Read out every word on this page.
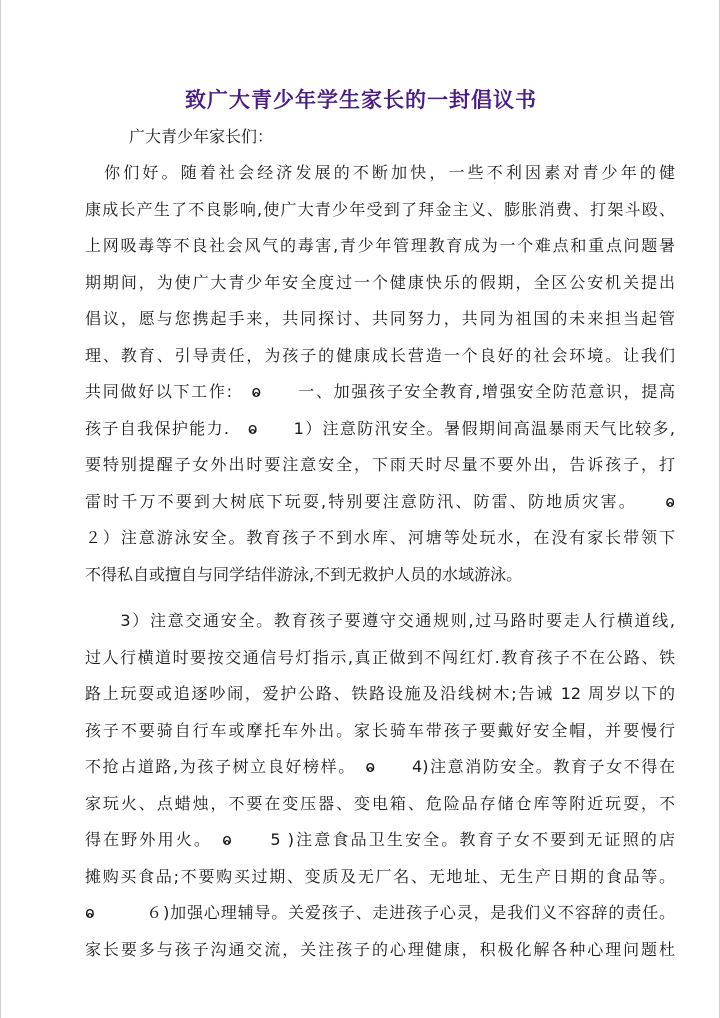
致广大青少年学生家长的一封倡议书
广大青少年家长们：
　你们好。随着社会经济发展的不断加快，一些不利因素对青少年的健
康成长产生了不良影响,使广大青少年受到了拜金主义、膨胀消费、打架斗殴、
上网吸毒等不良社会风气的毒害,青少年管理教育成为一个难点和重点问题暑
期期间，为使广大青少年安全度过一个健康快乐的假期，全区公安机关提出
倡议，愿与您携起手来，共同探讨、共同努力，共同为祖国的未来担当起管
理、教育、引导责任，为孩子的健康成长营造一个良好的社会环境。让我们
共同做好以下工作:　ⱺ　　一、加强孩子安全教育,增强安全防范意识，提高
孩子自我保护能力.　ⱺ　　1）注意防汛安全。暑假期间高温暴雨天气比较多,
要特别提醒子女外出时要注意安全，下雨天时尽量不要外出，告诉孩子，打
雷时千万不要到大树底下玩耍,特别要注意防汛、防雷、防地质灾害。　　ⱺ
２）注意游泳安全。教育孩子不到水库、河塘等处玩水，在没有家长带领下
不得私自或擅自与同学结伴游泳,不到无救护人员的水域游泳。
　　3）注意交通安全。教育孩子要遵守交通规则,过马路时要走人行横道线,
过人行横道时要按交通信号灯指示,真正做到不闯红灯.教育孩子不在公路、铁
路上玩耍或追逐吵闹，爱护公路、铁路设施及沿线树木;告诫 12 周岁以下的
孩子不要骑自行车或摩托车外出。家长骑车带孩子要戴好安全帽，并要慢行
不抢占道路,为孩子树立良好榜样。　ⱺ　　4)注意消防安全。教育子女不得在
家玩火、点蜡烛，不要在变压器、变电箱、危险品存储仓库等附近玩耍，不
得在野外用火。　ⱺ　　5 )注意食品卫生安全。教育子女不要到无证照的店
摊购买食品;不要购买过期、变质及无厂名、无地址、无生产日期的食品等。
ⱺ　　　６)加强心理辅导。关爱孩子、走进孩子心灵，是我们义不容辞的责任。
家长要多与孩子沟通交流，关注孩子的心理健康，积极化解各种心理问题杜
